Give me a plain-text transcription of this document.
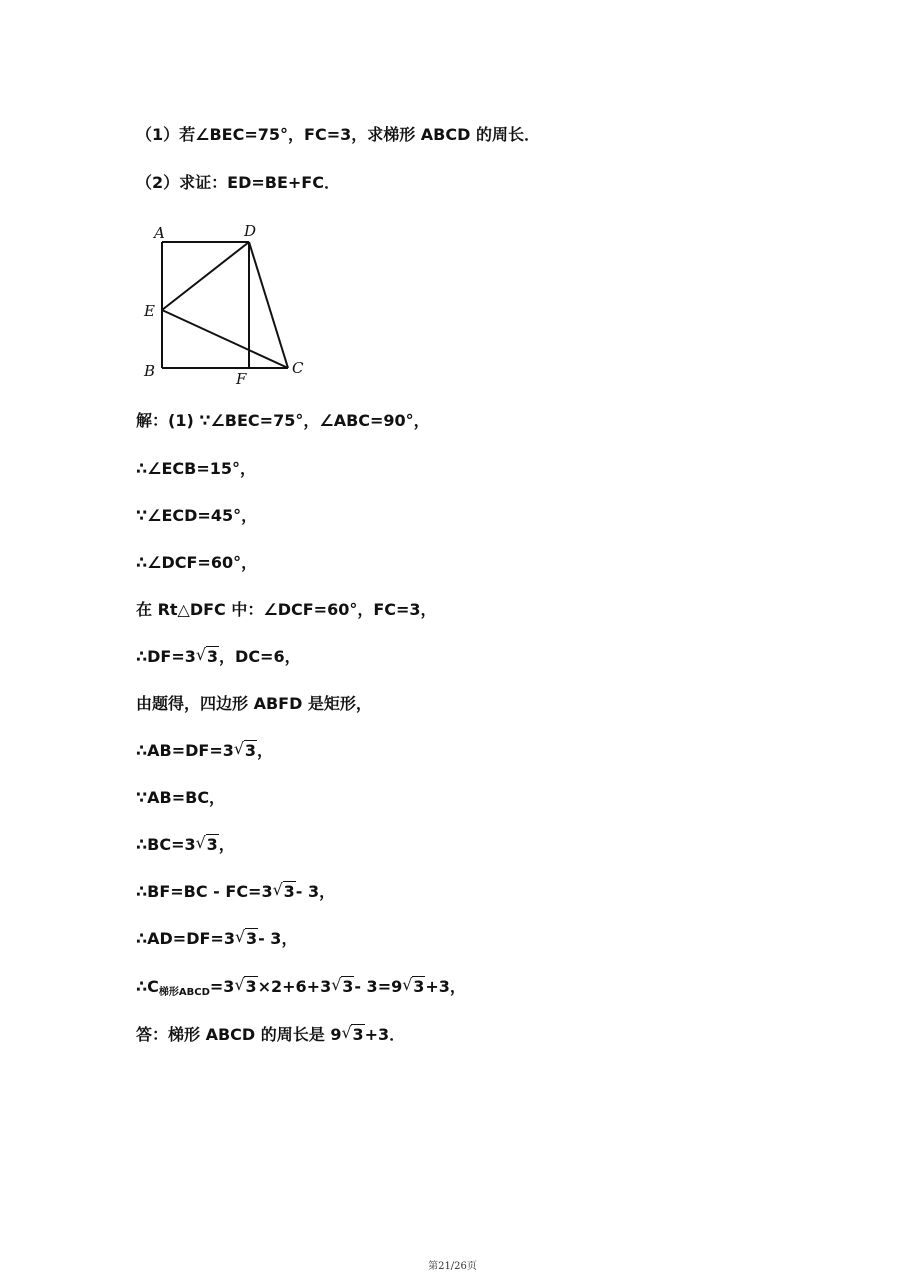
（1）若∠BEC=75°，FC=3，求梯形 ABCD 的周长．
（2）求证：ED=BE+FC．
A	D
E
B	F
C
解：(1) ∵∠BEC=75°，∠ABC=90°，
∴∠ECB=15°，
∵∠ECD=45°，
∴∠DCF=60°，
在 Rt△DFC 中：∠DCF=60°，FC=3，
∴DF=3 √ 3，DC=6，
由题得，四边形 ABFD 是矩形，
∴AB=DF=3 √ 3，
∵AB=BC，
∴BC=3 √ 3，
∴BF=BC - FC=3 √ 3- 3，
∴AD=DF=3 √ 3- 3，
$\therefore C_{梯形ABCD}=3$ √ 3×2+6+3 √ 3- 3=9 √ 3+3，
答：梯形 ABCD 的周长是 9 √ 3+3．
第21/26页
